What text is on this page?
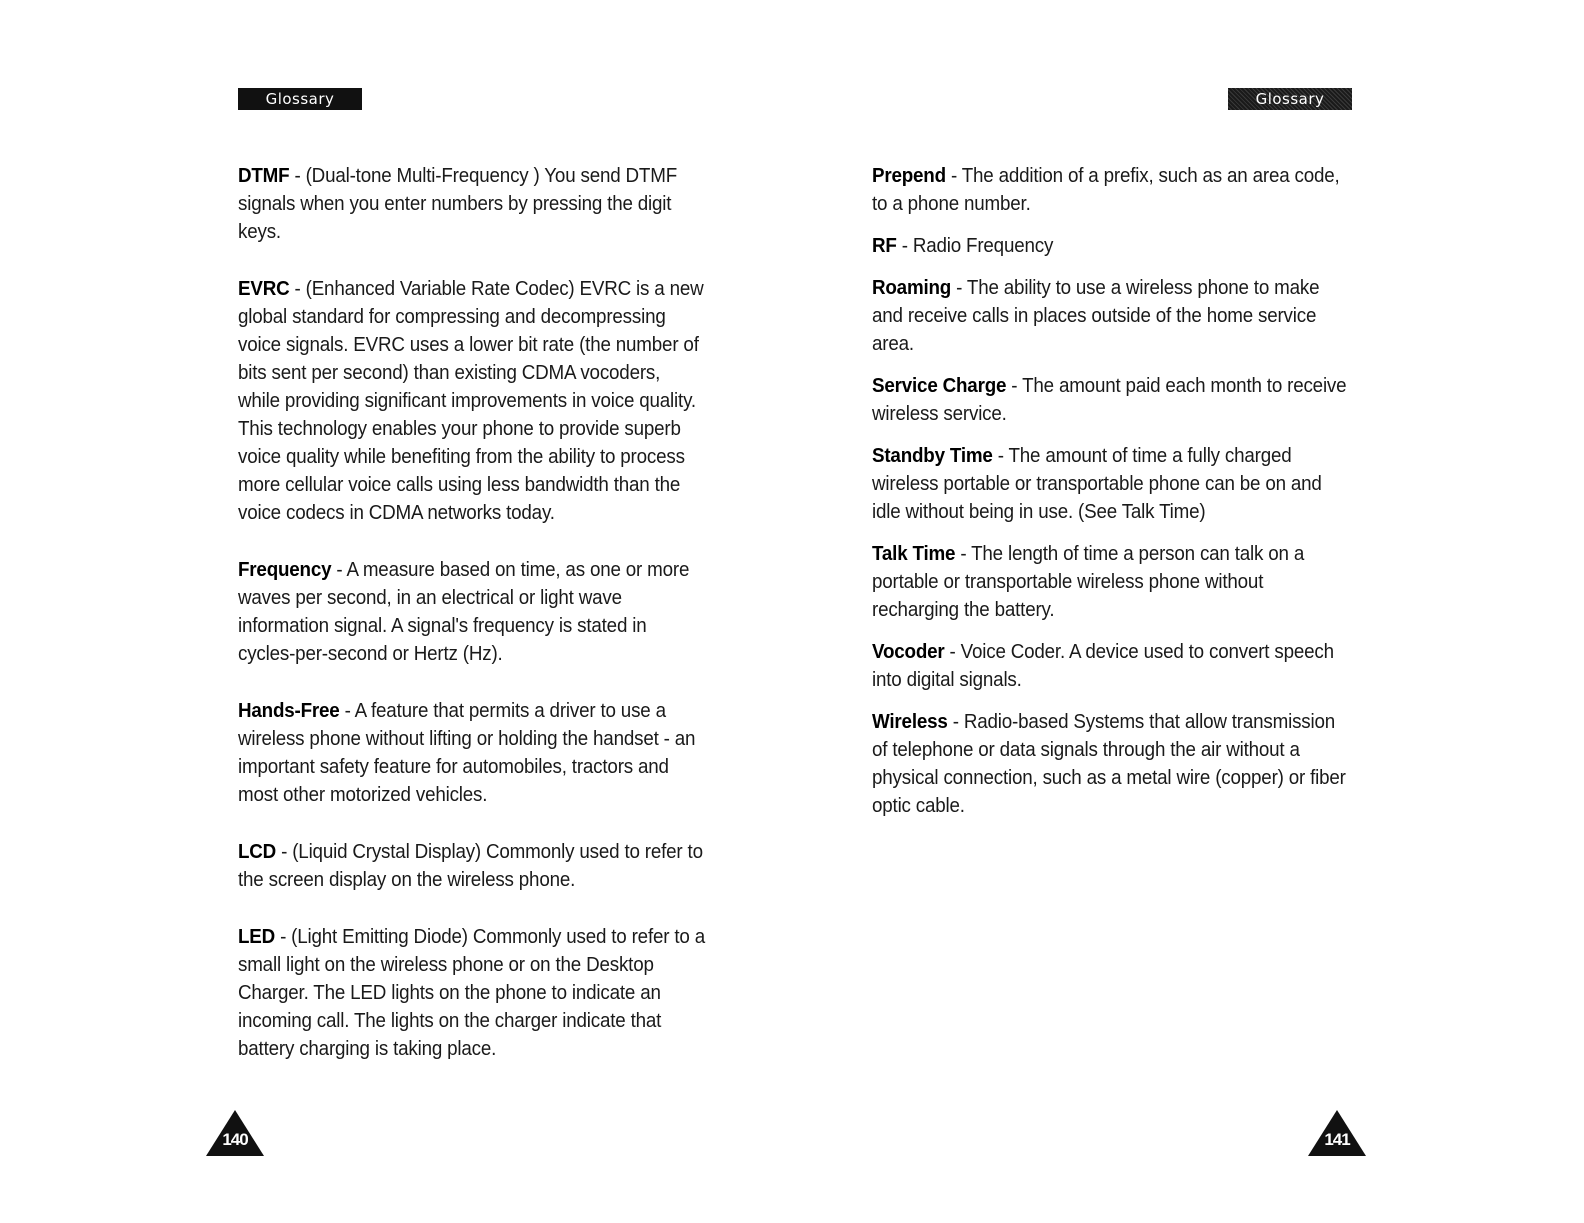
Glossary

DTMF - (Dual-tone Multi-Frequency ) You send DTMF signals when you enter numbers by pressing the digit keys.

EVRC - (Enhanced Variable Rate Codec) EVRC is a new global standard for compressing and decompressing voice signals. EVRC uses a lower bit rate (the number of bits sent per second) than existing CDMA vocoders, while providing significant improvements in voice quality. This technology enables your phone to provide superb voice quality while benefiting from the ability to process more cellular voice calls using less bandwidth than the voice codecs in CDMA networks today.

Frequency - A measure based on time, as one or more waves per second, in an electrical or light wave information signal. A signal's frequency is stated in cycles-per-second or Hertz (Hz).

Hands-Free - A feature that permits a driver to use a wireless phone without lifting or holding the handset - an important safety feature for automobiles, tractors and most other motorized vehicles.

LCD - (Liquid Crystal Display) Commonly used to refer to the screen display on the wireless phone.

LED - (Light Emitting Diode) Commonly used to refer to a small light on the wireless phone or on the Desktop Charger. The LED lights on the phone to indicate an incoming call. The lights on the charger indicate that battery charging is taking place.

140
Glossary

Prepend - The addition of a prefix, such as an area code, to a phone number.

RF - Radio Frequency

Roaming - The ability to use a wireless phone to make and receive calls in places outside of the home service area.

Service Charge - The amount paid each month to receive wireless service.

Standby Time - The amount of time a fully charged wireless portable or transportable phone can be on and idle without being in use. (See Talk Time)

Talk Time - The length of time a person can talk on a portable or transportable wireless phone without recharging the battery.

Vocoder - Voice Coder. A device used to convert speech into digital signals.

Wireless - Radio-based Systems that allow transmission of telephone or data signals through the air without a physical connection, such as a metal wire (copper) or fiber optic cable.

141
